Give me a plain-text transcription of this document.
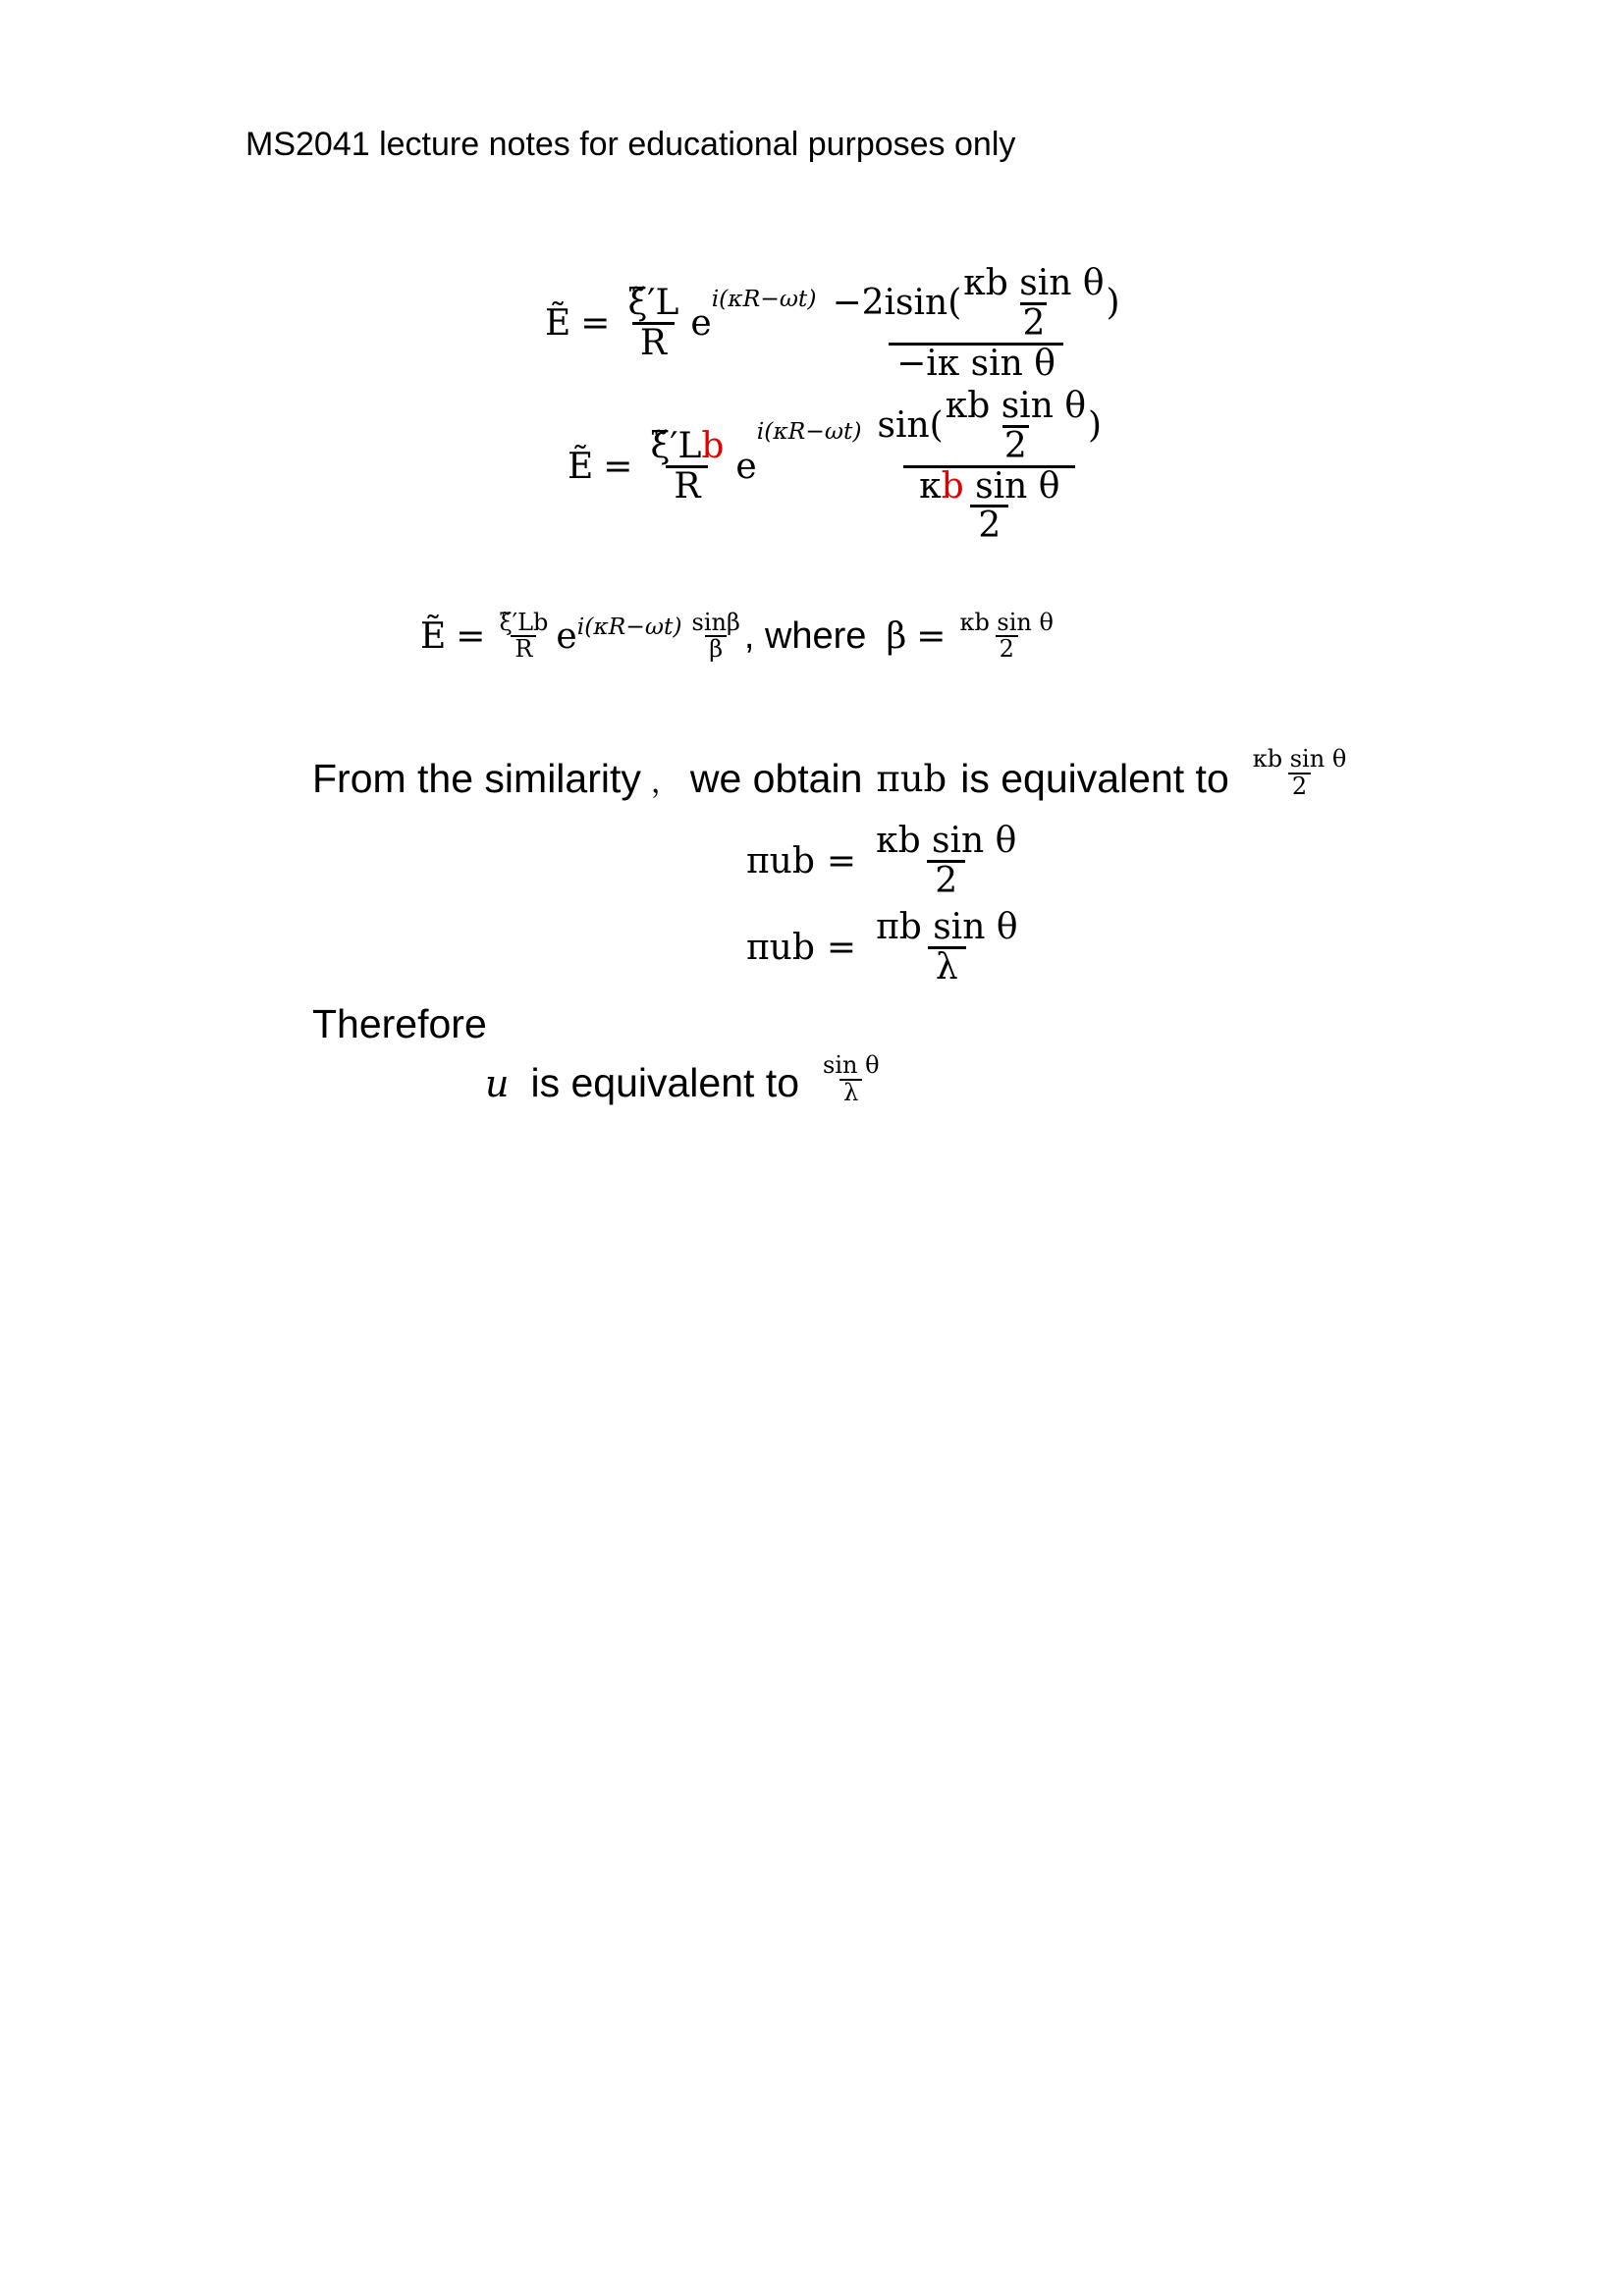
MS2041 lecture notes for educational purposes only
Ẽ = $\frac{\xĩ'L}{R}$ e
$^{i(\kappa R-\omega t)} \frac{-2isin( \frac{\text{κb sin θ}}{2} )}{\text{−iκ sin θ}}$
Ẽ = $\frac{\xĩ'Lb}{R}$ e
$i(\kappa R-\omega t) \frac{\sin( \frac{\text{κb sin θ}}{2} )}{\frac{\text{κb sin θ}}{2}}$
Ẽ = $\frac{\xĩ'Lb}{R} e^{i(\kappa R-\omega t)} \frac{\sin\beta}{\beta}$ , where $\beta = \frac{\text{κb sin θ}}{2}$
From the similarity ， we obtain πub is equivalent to $\frac{\text{κb sin θ}}{2}$
$\pi ub = \frac{\text{κb sin θ}}{2}$
$\pi ub = \frac{\text{πb sin θ}}{\lambda}$
Therefore
u is equivalent to $\frac{\text{sin θ}}{\lambda}$
